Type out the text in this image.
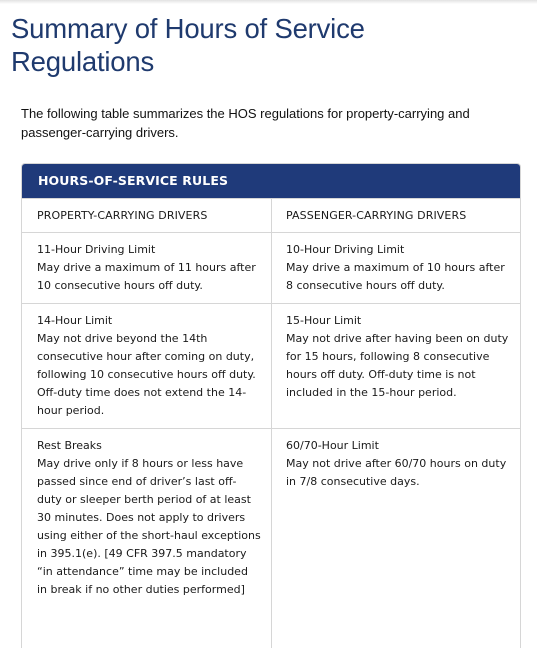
Summary of Hours of Service Regulations

The following table summarizes the HOS regulations for property-carrying and passenger-carrying drivers.

HOURS-OF-SERVICE RULES
PROPERTY-CARRYING DRIVERS	PASSENGER-CARRYING DRIVERS
11-Hour Driving Limit
May drive a maximum of 11 hours after 10 consecutive hours off duty.
10-Hour Driving Limit
May drive a maximum of 10 hours after 8 consecutive hours off duty.
14-Hour Limit
May not drive beyond the 14th consecutive hour after coming on duty, following 10 consecutive hours off duty. Off-duty time does not extend the 14-hour period.
15-Hour Limit
May not drive after having been on duty for 15 hours, following 8 consecutive hours off duty. Off-duty time is not included in the 15-hour period.
Rest Breaks
May drive only if 8 hours or less have passed since end of driver’s last off-duty or sleeper berth period of at least 30 minutes. Does not apply to drivers using either of the short-haul exceptions in 395.1(e). [49 CFR 397.5 mandatory “in attendance” time may be included in break if no other duties performed]
60/70-Hour Limit
May not drive after 60/70 hours on duty in 7/8 consecutive days.
